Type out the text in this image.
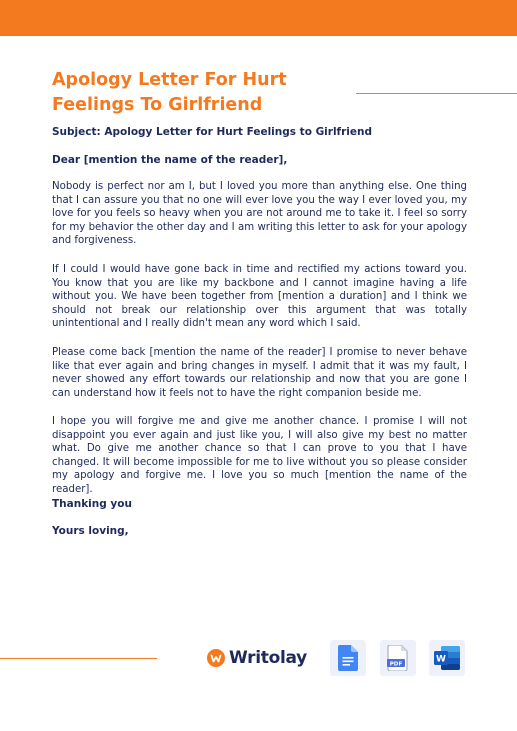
Apology Letter For Hurt Feelings To Girlfriend
Subject: Apology Letter for Hurt Feelings to Girlfriend
Dear [mention the name of the reader],

Nobody is perfect nor am I, but I loved you more than anything else. One thing that I can assure you that no one will ever love you the way I ever loved you, my love for you feels so heavy when you are not around me to take it. I feel so sorry for my behavior the other day and I am writing this letter to ask for your apology and forgiveness.

If I could I would have gone back in time and rectified my actions toward you. You know that you are like my backbone and I cannot imagine having a life without you. We have been together from [mention a duration] and I think we should not break our relationship over this argument that was totally unintentional and I really didn't mean any word which I said.

Please come back [mention the name of the reader] I promise to never behave like that ever again and bring changes in myself. I admit that it was my fault, I never showed any effort towards our relationship and now that you are gone I can understand how it feels not to have the right companion beside me.

I hope you will forgive me and give me another chance. I promise I will not disappoint you ever again and just like you, I will also give my best no matter what. Do give me another chance so that I can prove to you that I have changed. It will become impossible for me to live without you so please consider my apology and forgive me. I love you so much [mention the name of the reader].

Thanking you
Yours loving,
Writolay	PDF	W
